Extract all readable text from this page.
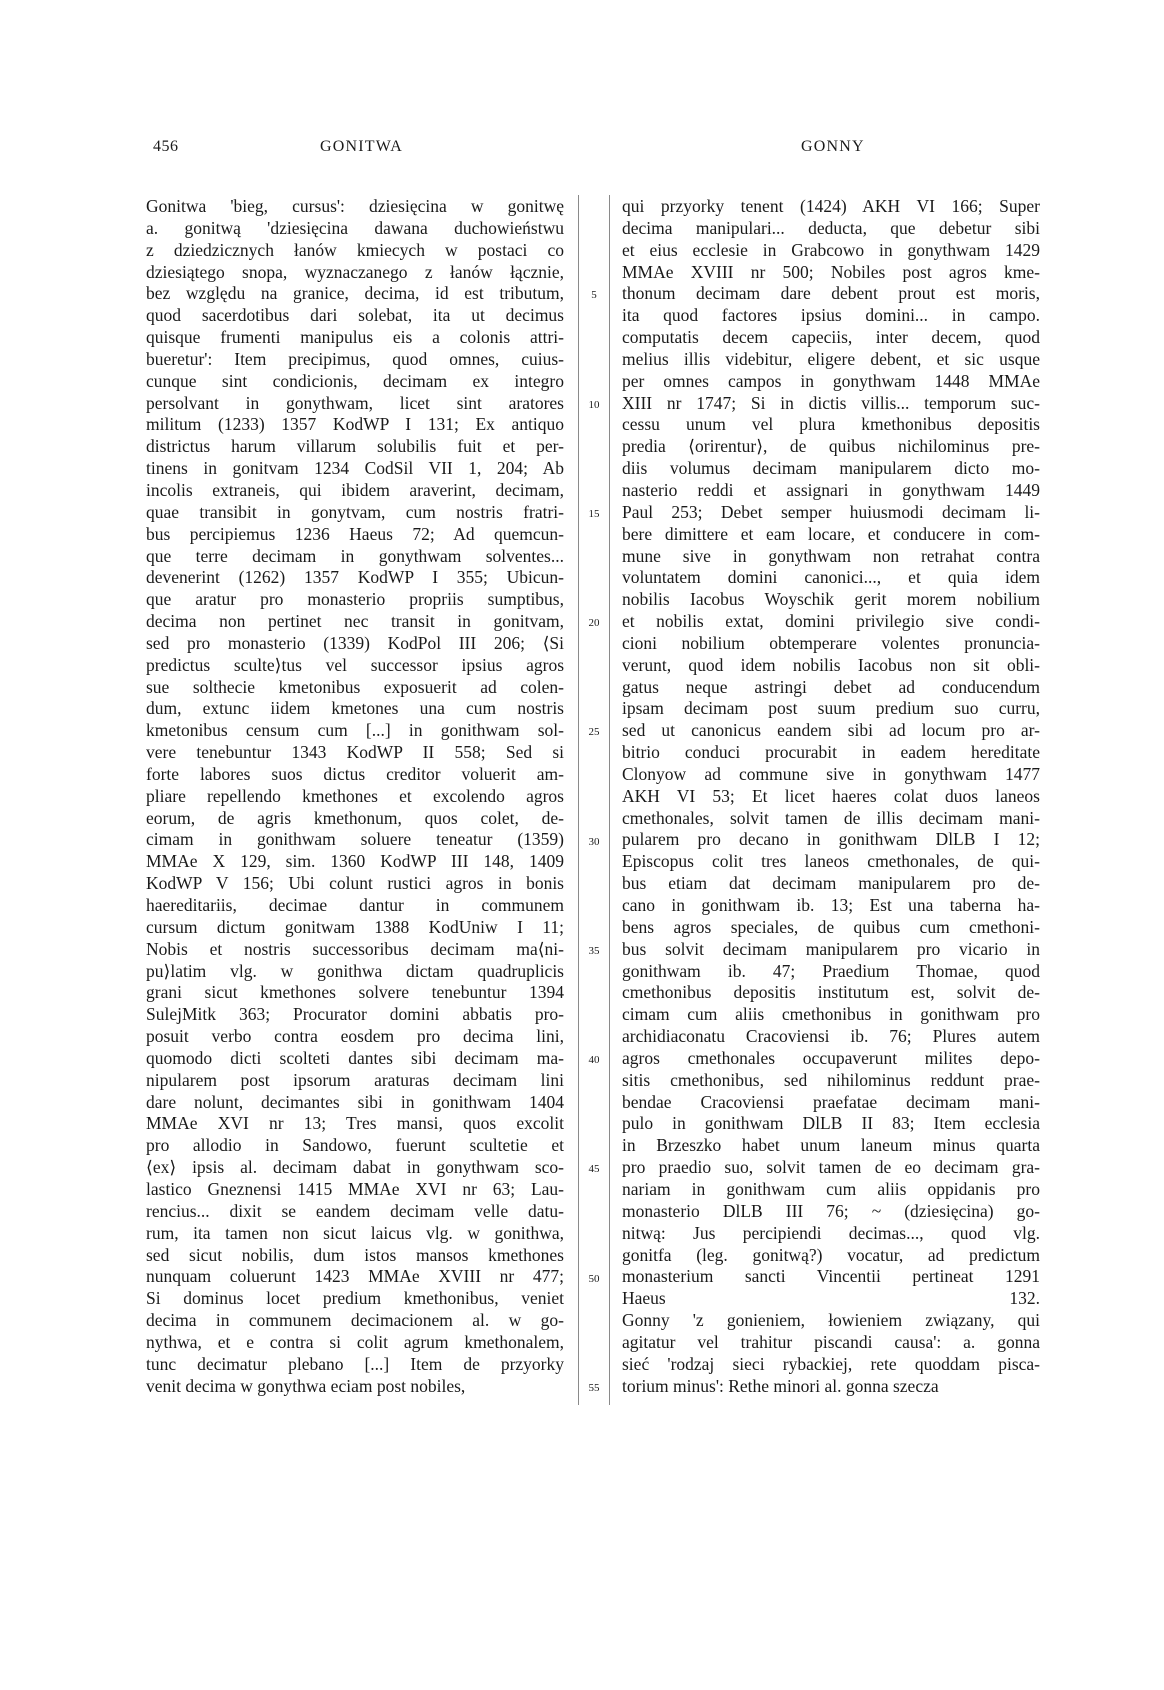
456	GONITWA	GONNY
Gonitwa 'bieg, cursus': dziesięcina w gonitwę
a. gonitwą 'dziesięcina dawana duchowieństwu
z dziedzicznych łanów kmiecych w postaci co
dziesiątego snopa, wyznaczanego z łanów łącznie,
bez względu na granice, decima, id est tributum,
quod sacerdotibus dari solebat, ita ut decimus
quisque frumenti manipulus eis a colonis attri-
bueretur': Item precipimus, quod omnes, cuius-
cunque sint condicionis, decimam ex integro
persolvant in gonythwam, licet sint aratores
militum (1233) 1357 KodWP I 131; Ex antiquo
districtus harum villarum solubilis fuit et per-
tinens in gonitvam 1234 CodSil VII 1, 204; Ab
incolis extraneis, qui ibidem araverint, decimam,
quae transibit in gonytvam, cum nostris fratri-
bus percipiemus 1236 Haeus 72; Ad quemcun-
que terre decimam in gonythwam solventes...
devenerint (1262) 1357 KodWP I 355; Ubicun-
que aratur pro monasterio propriis sumptibus,
decima non pertinet nec transit in gonitvam,
sed pro monasterio (1339) KodPol III 206; ⟨Si
predictus sculte⟩tus vel successor ipsius agros
sue solthecie kmetonibus exposuerit ad colen-
dum, extunc iidem kmetones una cum nostris
kmetonibus censum cum [...] in gonithwam sol-
vere tenebuntur 1343 KodWP II 558; Sed si
forte labores suos dictus creditor voluerit am-
pliare repellendo kmethones et excolendo agros
eorum, de agris kmethonum, quos colet, de-
cimam in gonithwam soluere teneatur (1359)
MMAe X 129, sim. 1360 KodWP III 148, 1409
KodWP V 156; Ubi colunt rustici agros in bonis
haereditariis, decimae dantur in communem
cursum dictum gonitwam 1388 KodUniw I 11;
Nobis et nostris successoribus decimam ma⟨ni-
pu⟩latim vlg. w gonithwa dictam quadruplicis
grani sicut kmethones solvere tenebuntur 1394
SulejMitk 363; Procurator domini abbatis pro-
posuit verbo contra eosdem pro decima lini,
quomodo dicti scolteti dantes sibi decimam ma-
nipularem post ipsorum araturas decimam lini
dare nolunt, decimantes sibi in gonithwam 1404
MMAe XVI nr 13; Tres mansi, quos excolit
pro allodio in Sandowo, fuerunt scultetie et
⟨ex⟩ ipsis al. decimam dabat in gonythwam sco-
lastico Gneznensi 1415 MMAe XVI nr 63; Lau-
rencius... dixit se eandem decimam velle datu-
rum, ita tamen non sicut laicus vlg. w gonithwa,
sed sicut nobilis, dum istos mansos kmethones
nunquam coluerunt 1423 MMAe XVIII nr 477;
Si dominus locet predium kmethonibus, veniet
decima in communem decimacionem al. w go-
nythwa, et e contra si colit agrum kmethonalem,
tunc decimatur plebano [...] Item de przyorky
venit decima w gonythwa eciam post nobiles,
qui przyorky tenent (1424) AKH VI 166; Super
decima manipulari... deducta, que debetur sibi
et eius ecclesie in Grabcowo in gonythwam 1429
MMAe XVIII nr 500; Nobiles post agros kme-
thonum decimam dare debent prout est moris,
ita quod factores ipsius domini... in campo.
computatis decem capeciis, inter decem, quod
melius illis videbitur, eligere debent, et sic usque
per omnes campos in gonythwam 1448 MMAe
XIII nr 1747; Si in dictis villis... temporum suc-
cessu unum vel plura kmethonibus depositis
predia ⟨orirentur⟩, de quibus nichilominus pre-
diis volumus decimam manipularem dicto mo-
nasterio reddi et assignari in gonythwam 1449
Paul 253; Debet semper huiusmodi decimam li-
bere dimittere et eam locare, et conducere in com-
mune sive in gonythwam non retrahat contra
voluntatem domini canonici..., et quia idem
nobilis Iacobus Woyschik gerit morem nobilium
et nobilis extat, domini privilegio sive condi-
cioni nobilium obtemperare volentes pronuncia-
verunt, quod idem nobilis Iacobus non sit obli-
gatus neque astringi debet ad conducendum
ipsam decimam post suum predium suo curru,
sed ut canonicus eandem sibi ad locum pro ar-
bitrio conduci procurabit in eadem hereditate
Clonyow ad commune sive in gonythwam 1477
AKH VI 53; Et licet haeres colat duos laneos
cmethonales, solvit tamen de illis decimam mani-
pularem pro decano in gonithwam DlLB I 12;
Episcopus colit tres laneos cmethonales, de qui-
bus etiam dat decimam manipularem pro de-
cano in gonithwam ib. 13; Est una taberna ha-
bens agros speciales, de quibus cum cmethoni-
bus solvit decimam manipularem pro vicario in
gonithwam ib. 47; Praedium Thomae, quod
cmethonibus depositis institutum est, solvit de-
cimam cum aliis cmethonibus in gonithwam pro
archidiaconatu Cracoviensi ib. 76; Plures autem
agros cmethonales occupaverunt milites depo-
sitis cmethonibus, sed nihilominus reddunt prae-
bendae Cracoviensi praefatae decimam mani-
pulo in gonithwam DlLB II 83; Item ecclesia
in Brzeszko habet unum laneum minus quarta
pro praedio suo, solvit tamen de eo decimam gra-
nariam in gonithwam cum aliis oppidanis pro
monasterio DlLB III 76; ~ (dziesięcina) go-
nitwą: Jus percipiendi decimas..., quod vlg.
gonitfa (leg. gonitwą?) vocatur, ad predictum
monasterium sancti Vincentii pertineat 1291
Haeus 132.
Gonny 'z gonieniem, łowieniem związany, qui
agitatur vel trahitur piscandi causa': a. gonna
sieć 'rodzaj sieci rybackiej, rete quoddam pisca-
torium minus': Rethe minori al. gonna szecza
5
10
15
20
25
30
35
40
45
50
55
